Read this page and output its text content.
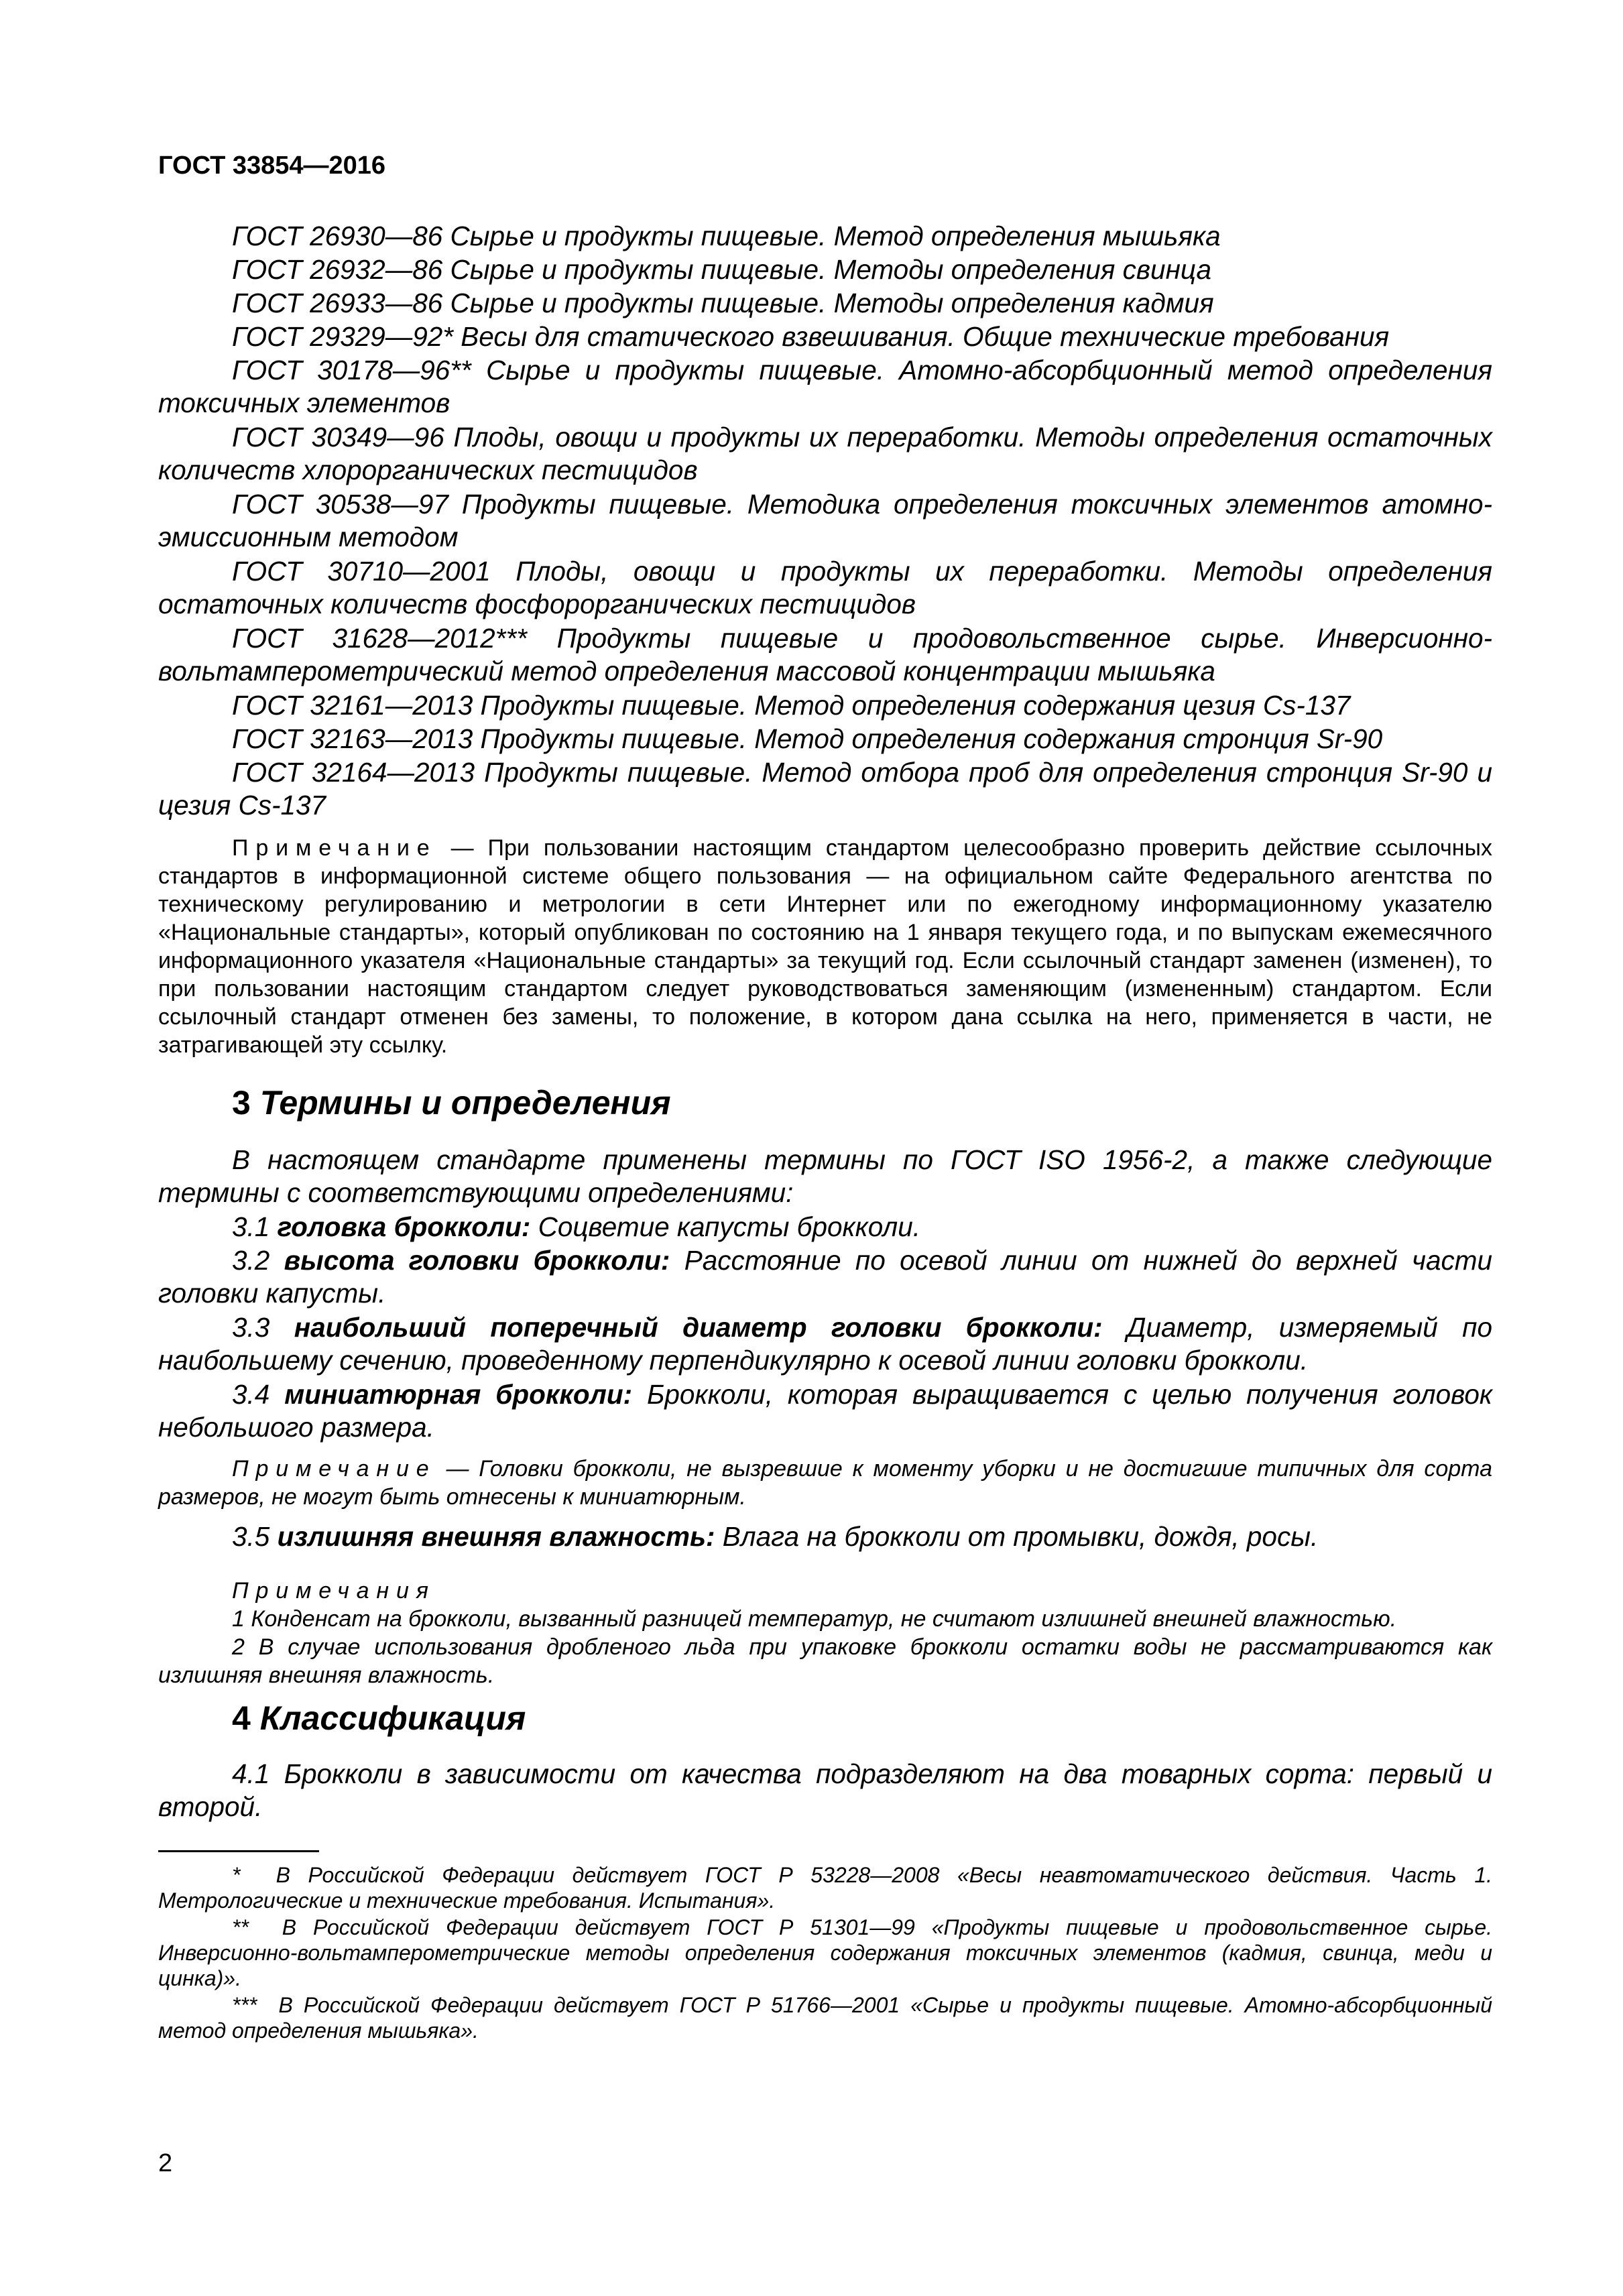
ГОСТ 33854—2016

ГОСТ 26930—86 Сырье и продукты пищевые. Метод определения мышьяка

ГОСТ 26932—86 Сырье и продукты пищевые. Методы определения свинца

ГОСТ 26933—86 Сырье и продукты пищевые. Методы определения кадмия

ГОСТ 29329—92* Весы для статического взвешивания. Общие технические требования

ГОСТ 30178—96** Сырье и продукты пищевые. Атомно-абсорбционный метод определения токсичных элементов

ГОСТ 30349—96 Плоды, овощи и продукты их переработки. Методы определения остаточных количеств хлорорганических пестицидов

ГОСТ 30538—97 Продукты пищевые. Методика определения токсичных элементов атомно-эмиссионным методом

ГОСТ 30710—2001 Плоды, овощи и продукты их переработки. Методы определения остаточных количеств фосфорорганических пестицидов

ГОСТ 31628—2012*** Продукты пищевые и продовольственное сырье. Инверсионно-вольтамперометрический метод определения массовой концентрации мышьяка

ГОСТ 32161—2013 Продукты пищевые. Метод определения содержания цезия Cs-137

ГОСТ 32163—2013 Продукты пищевые. Метод определения содержания стронция Sr-90

ГОСТ 32164—2013 Продукты пищевые. Метод отбора проб для определения стронция Sr-90 и цезия Cs-137

Примечание — При пользовании настоящим стандартом целесообразно проверить действие ссылочных стандартов в информационной системе общего пользования — на официальном сайте Федерального агентства по техническому регулированию и метрологии в сети Интернет или по ежегодному информационному указателю «Национальные стандарты», который опубликован по состоянию на 1 января текущего года, и по выпускам ежемесячного информационного указателя «Национальные стандарты» за текущий год. Если ссылочный стандарт заменен (изменен), то при пользовании настоящим стандартом следует руководствоваться заменяющим (измененным) стандартом. Если ссылочный стандарт отменен без замены, то положение, в котором дана ссылка на него, применяется в части, не затрагивающей эту ссылку.

3 Термины и определения

В настоящем стандарте применены термины по ГОСТ ISO 1956-2, а также следующие термины с соответствующими определениями:

3.1 головка брокколи: Соцветие капусты брокколи.

3.2 высота головки брокколи: Расстояние по осевой линии от нижней до верхней части головки капусты.

3.3 наибольший поперечный диаметр головки брокколи: Диаметр, измеряемый по наибольшему сечению, проведенному перпендикулярно к осевой линии головки брокколи.

3.4 миниатюрная брокколи: Брокколи, которая выращивается с целью получения головок небольшого размера.

Примечание — Головки брокколи, не вызревшие к моменту уборки и не достигшие типичных для сорта размеров, не могут быть отнесены к миниатюрным.

3.5 излишняя внешняя влажность: Влага на брокколи от промывки, дождя, росы.

Примечания

1 Конденсат на брокколи, вызванный разницей температур, не считают излишней внешней влажностью.

2 В случае использования дробленого льда при упаковке брокколи остатки воды не рассматриваются как излишняя внешняя влажность.

4 Классификация

4.1 Брокколи в зависимости от качества подразделяют на два товарных сорта: первый и второй.

* В Российской Федерации действует ГОСТ Р 53228—2008 «Весы неавтоматического действия. Часть 1. Метрологические и технические требования. Испытания».

** В Российской Федерации действует ГОСТ Р 51301—99 «Продукты пищевые и продовольственное сырье. Инверсионно-вольтамперометрические методы определения содержания токсичных элементов (кадмия, свинца, меди и цинка)».

*** В Российской Федерации действует ГОСТ Р 51766—2001 «Сырье и продукты пищевые. Атомно-абсорбционный метод определения мышьяка».

2
